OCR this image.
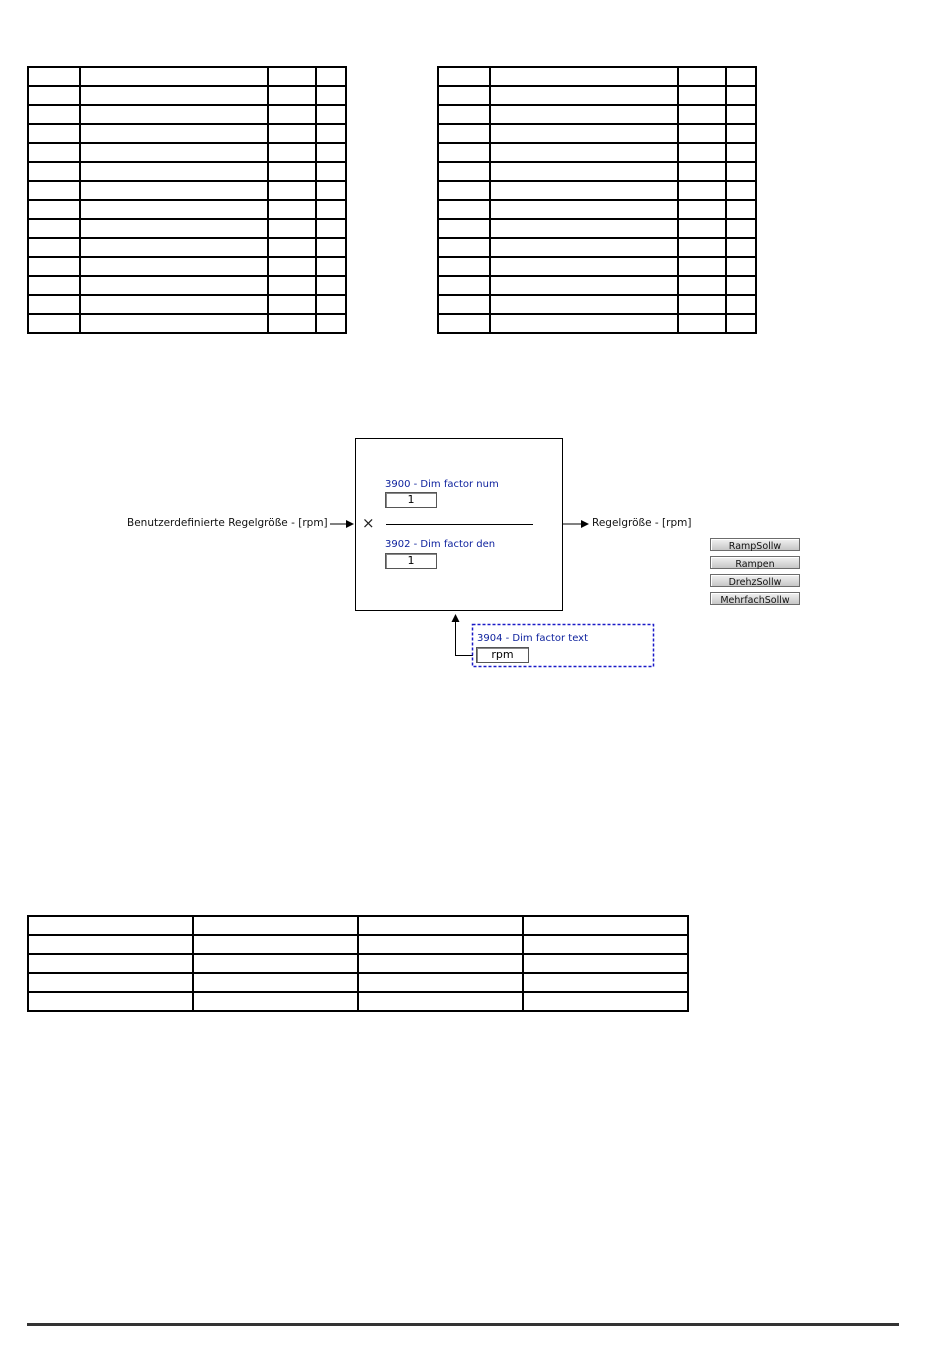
Benutzerdefinierte Regelgröße - [rpm]	Regelgröße - [rpm]
×
3900 - Dim factor num
1
3902 - Dim factor den
1
3904 - Dim factor text
rpm
RampSollw
Rampen
DrehzSollw
MehrfachSollw
